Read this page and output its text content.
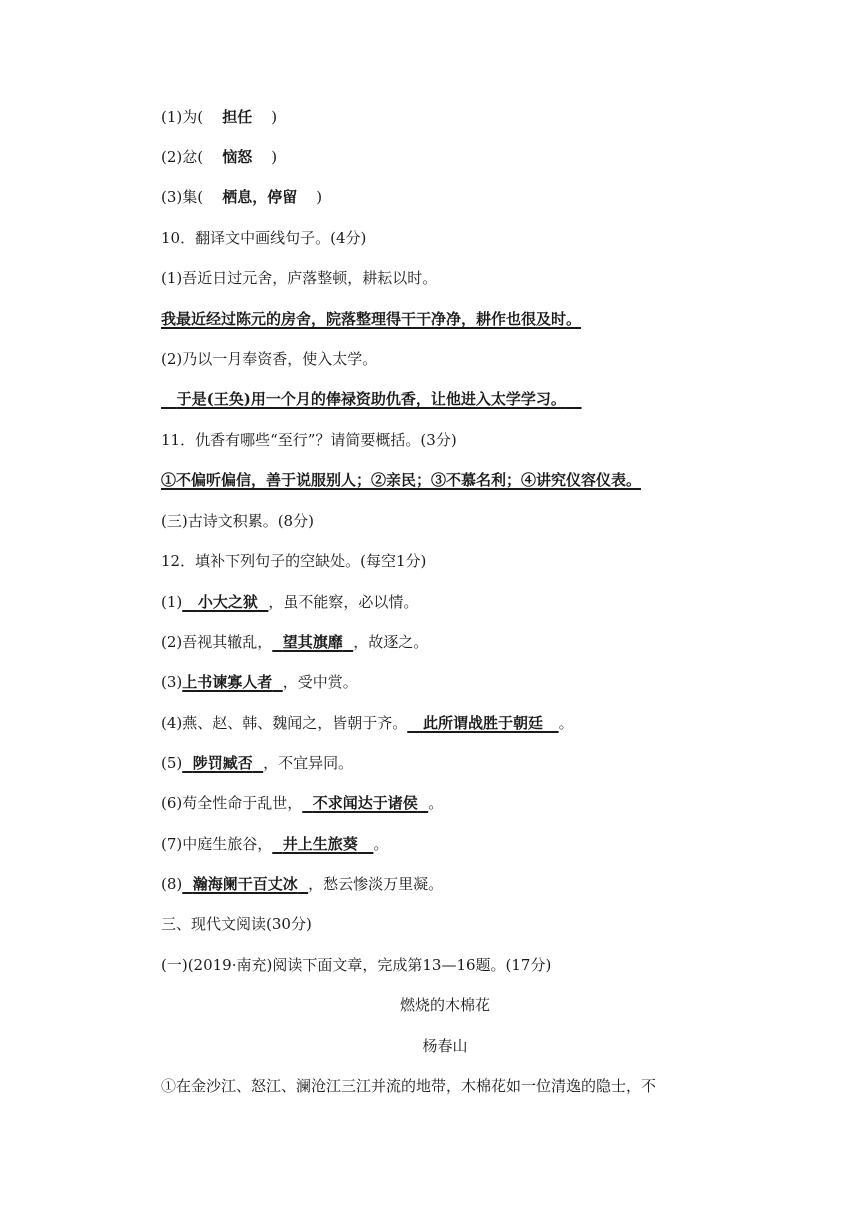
(1)为( 担任 )
(2)忿( 恼怒 )
(3)集( 栖息，停留 )
10．翻译文中画线句子。(4分)
(1)吾近日过元舍，庐落整顿，耕耘以时。
我最近经过陈元的房舍，院落整理得干干净净，耕作也很及时。
(2)乃以一月奉资香，使入太学。
于是(王奂)用一个月的俸禄资助仇香，让他进入太学学习。
11．仇香有哪些“至行”？请简要概括。(3分)
①不偏听偏信，善于说服别人；②亲民；③不慕名利；④讲究仪容仪表。
(三)古诗文积累。(8分)
12．填补下列句子的空缺处。(每空1分)
(1) 小大之狱 ，虽不能察，必以情。
(2)吾视其辙乱， 望其旗靡 ，故逐之。
(3)上书谏寡人者 ，受中赏。
(4)燕、赵、韩、魏闻之，皆朝于齐。 此所谓战胜于朝廷 。
(5) 陟罚臧否 ，不宜异同。
(6)苟全性命于乱世， 不求闻达于诸侯 。
(7)中庭生旅谷， 井上生旅葵 。
(8) 瀚海阑干百丈冰 ，愁云惨淡万里凝。
三、现代文阅读(30分)
(一)(2019·南充)阅读下面文章，完成第13—16题。(17分)
燃烧的木棉花
杨春山
①在金沙江、怒江、澜沧江三江并流的地带，木棉花如一位清逸的隐士，不
